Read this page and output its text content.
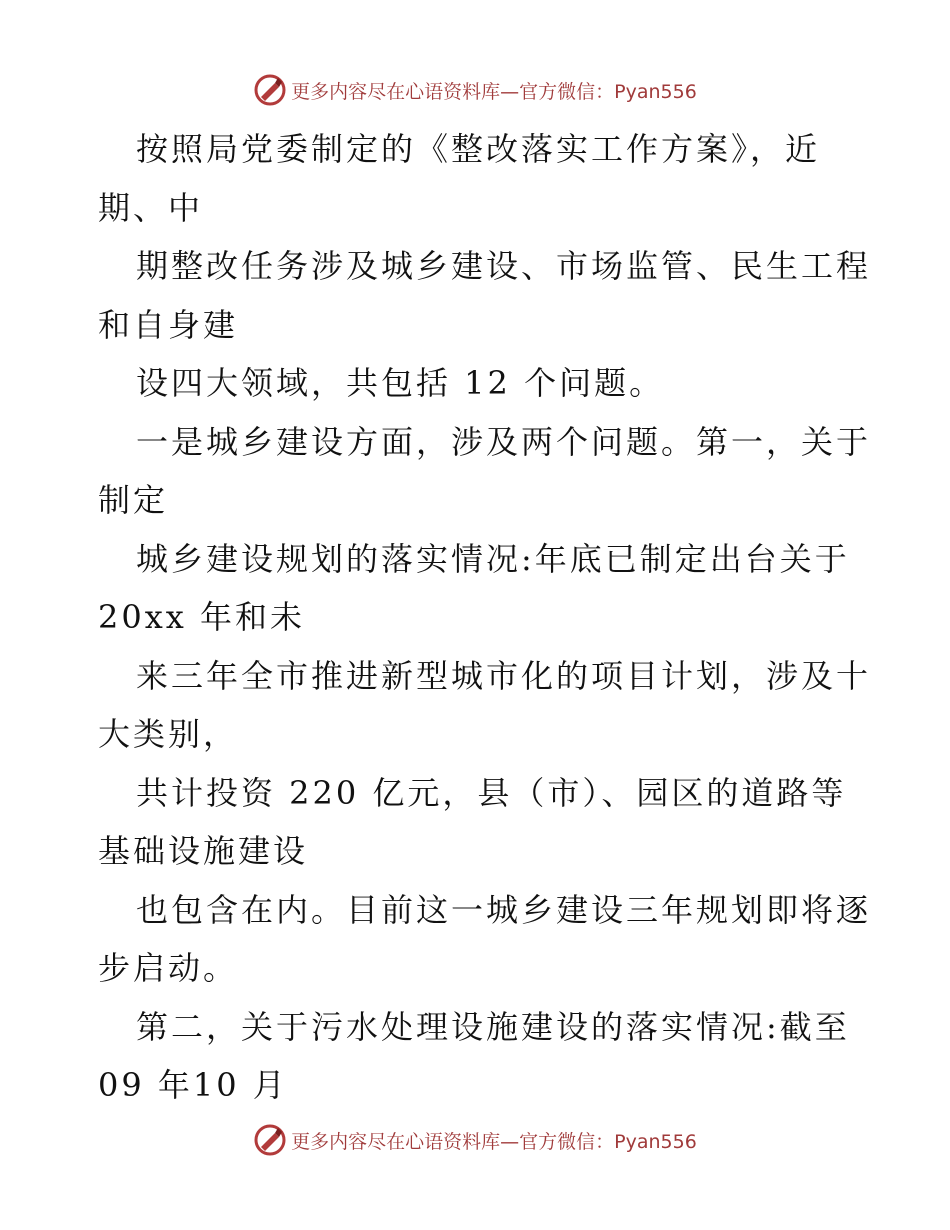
更多内容尽在心语资料库—官方微信：Pyan556
按照局党委制定的《整改落实工作方案》，近
期、中
期整改任务涉及城乡建设、市场监管、民生工程
和自身建
设四大领域，共包括 12 个问题。
一是城乡建设方面，涉及两个问题。第一，关于
制定
城乡建设规划的落实情况:年底已制定出台关于
20xx 年和未
来三年全市推进新型城市化的项目计划，涉及十
大类别，
共计投资 220 亿元，县（市）、园区的道路等
基础设施建设
也包含在内。目前这一城乡建设三年规划即将逐
步启动。
第二，关于污水处理设施建设的落实情况:截至
09 年10 月
更多内容尽在心语资料库—官方微信：Pyan556
